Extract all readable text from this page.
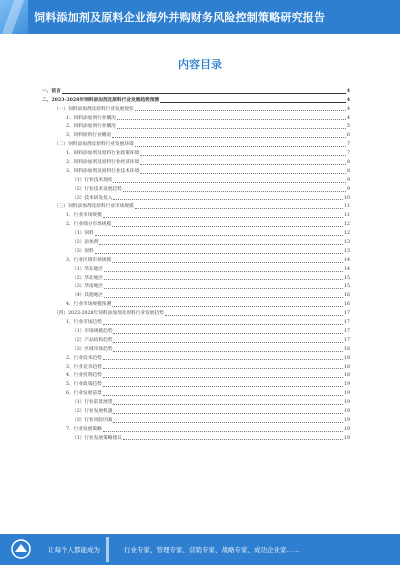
饲料添加剂及原料企业海外并购财务风险控制策略研究报告
内容目录
一、前言	4
二、2023-2028年饲料添加剂及原料行业发展趋势预测	4
（一）饲料添加剂及原料行业发展现状	4
1、饲料添加剂行业概况	4
2、饲料添加剂行业概况	5
3、饲料原料行业概况	6
（二）饲料添加剂及原料行业发展环境	7
1、饲料添加剂及原料行业政策环境	7
2、饲料添加剂及原料行业经济环境	8
3、饲料添加剂及原料行业技术环境	8
（1）行业技术现状	9
（2）行业技术发展趋势	9
（3）技术研发投入	10
（三）饲料添加剂及原料行业市场规模	11
1、行业市场规模	11
2、行业细分市场规模	12
（1）饲料	12
（2）添加剂	13
（3）原料	13
3、行业区域市场规模	14
（1）华东地区	14
（2）华北地区	15
（3）华南地区	15
（4）其他地区	16
4、行业市场规模预测	16
（四）2023-2028年饲料添加剂及原料行业发展趋势	17
1、行业市场趋势	17
（1）市场规模趋势	17
（2）产品结构趋势	17
（3）区域市场趋势	18
2、行业技术趋势	18
3、行业竞争趋势	18
4、行业投资趋势	18
5、行业政策趋势	19
6、行业发展前景	19
（1）行业前景展望	19
（2）行业发展机遇	19
（3）行业风险因素	19
7、行业发展策略	19
（1）行业发展策略建议	19
让每个人都能成为	行业专家、管理专家、营销专家、战略专家、成功企业家……
